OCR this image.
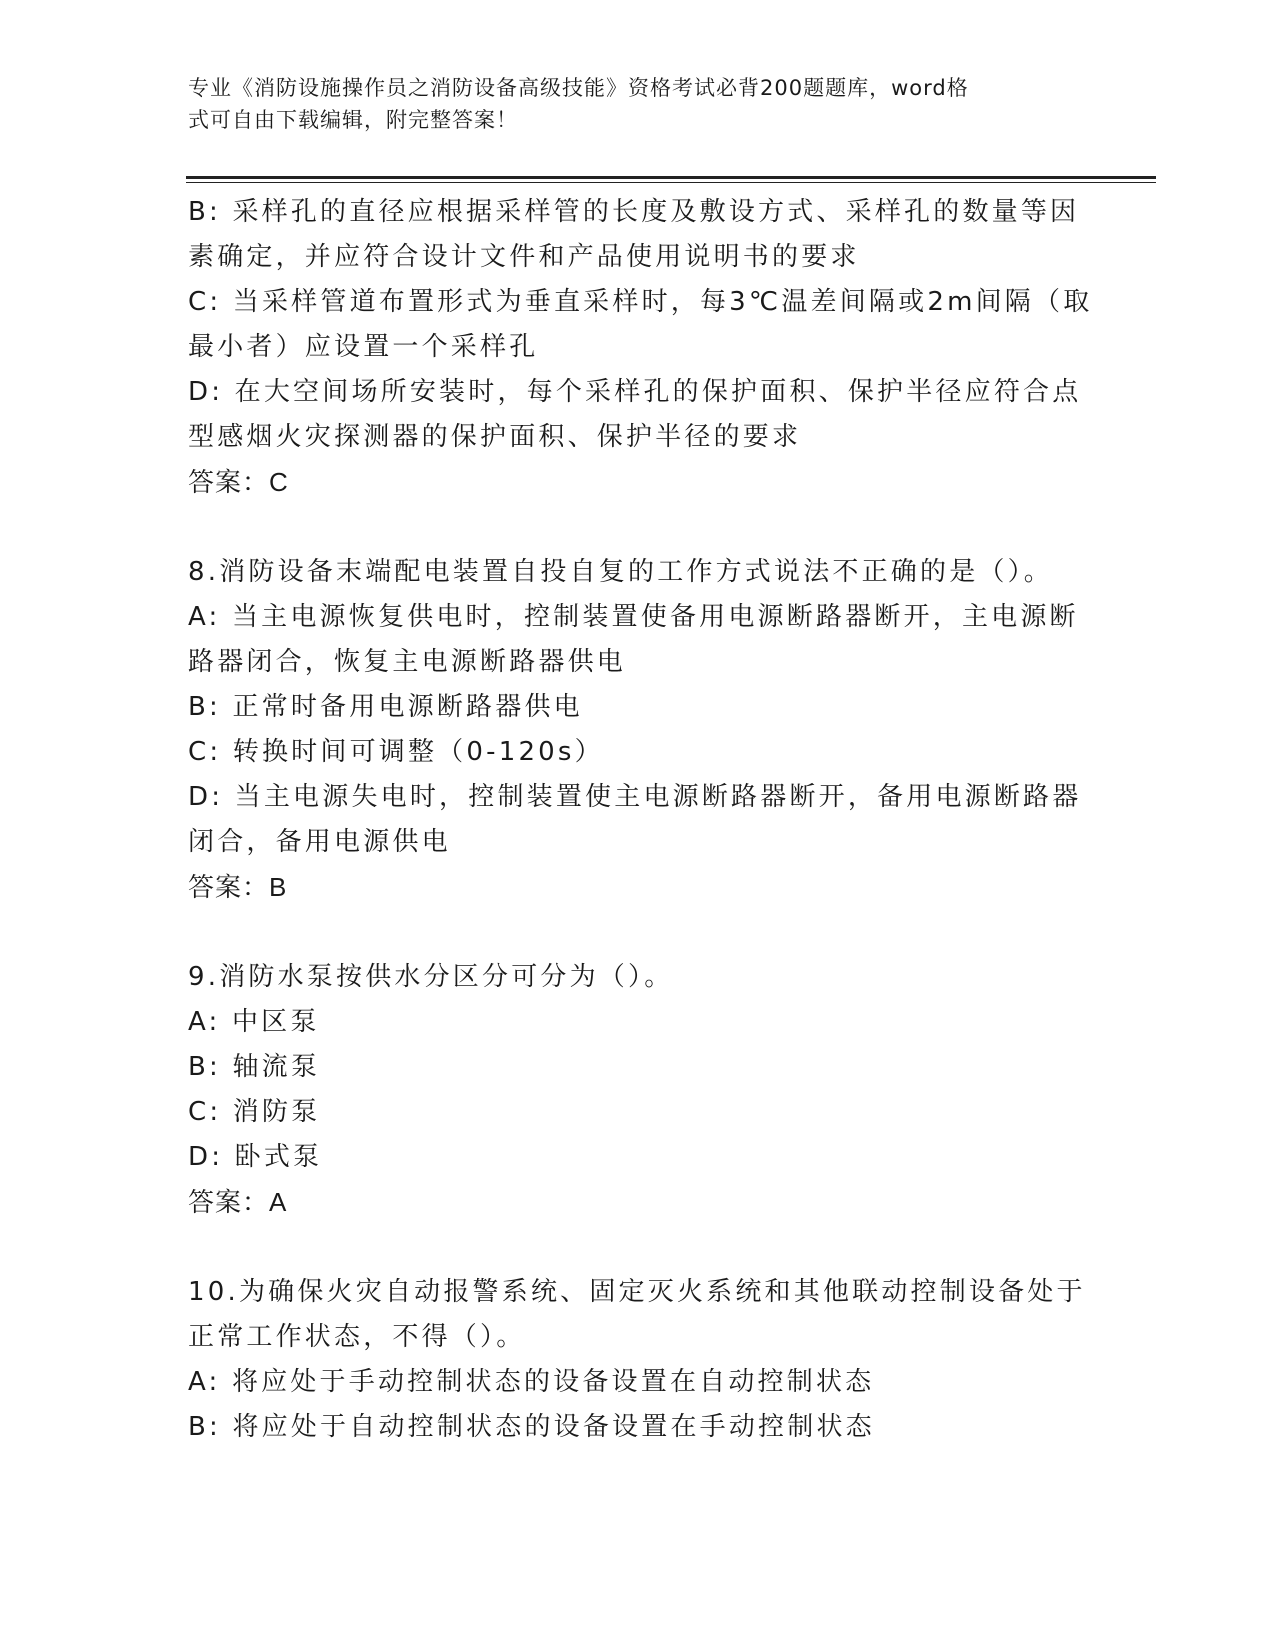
专业《消防设施操作员之消防设备高级技能》资格考试必背200题题库，word格
式可自由下载编辑，附完整答案！
B: 采样孔的直径应根据采样管的长度及敷设方式、采样孔的数量等因
素确定，并应符合设计文件和产品使用说明书的要求
C: 当采样管道布置形式为垂直采样时，每3℃温差间隔或2m间隔（取
最小者）应设置一个采样孔
D: 在大空间场所安装时，每个采样孔的保护面积、保护半径应符合点
型感烟火灾探测器的保护面积、保护半径的要求
答案：C
8.消防设备末端配电装置自投自复的工作方式说法不正确的是（）。
A: 当主电源恢复供电时，控制装置使备用电源断路器断开，主电源断
路器闭合，恢复主电源断路器供电
B: 正常时备用电源断路器供电
C: 转换时间可调整（0-120s）
D: 当主电源失电时，控制装置使主电源断路器断开，备用电源断路器
闭合，备用电源供电
答案：B
9.消防水泵按供水分区分可分为（）。
A: 中区泵
B: 轴流泵
C: 消防泵
D: 卧式泵
答案：A
10.为确保火灾自动报警系统、固定灭火系统和其他联动控制设备处于
正常工作状态，不得（）。
A: 将应处于手动控制状态的设备设置在自动控制状态
B: 将应处于自动控制状态的设备设置在手动控制状态
